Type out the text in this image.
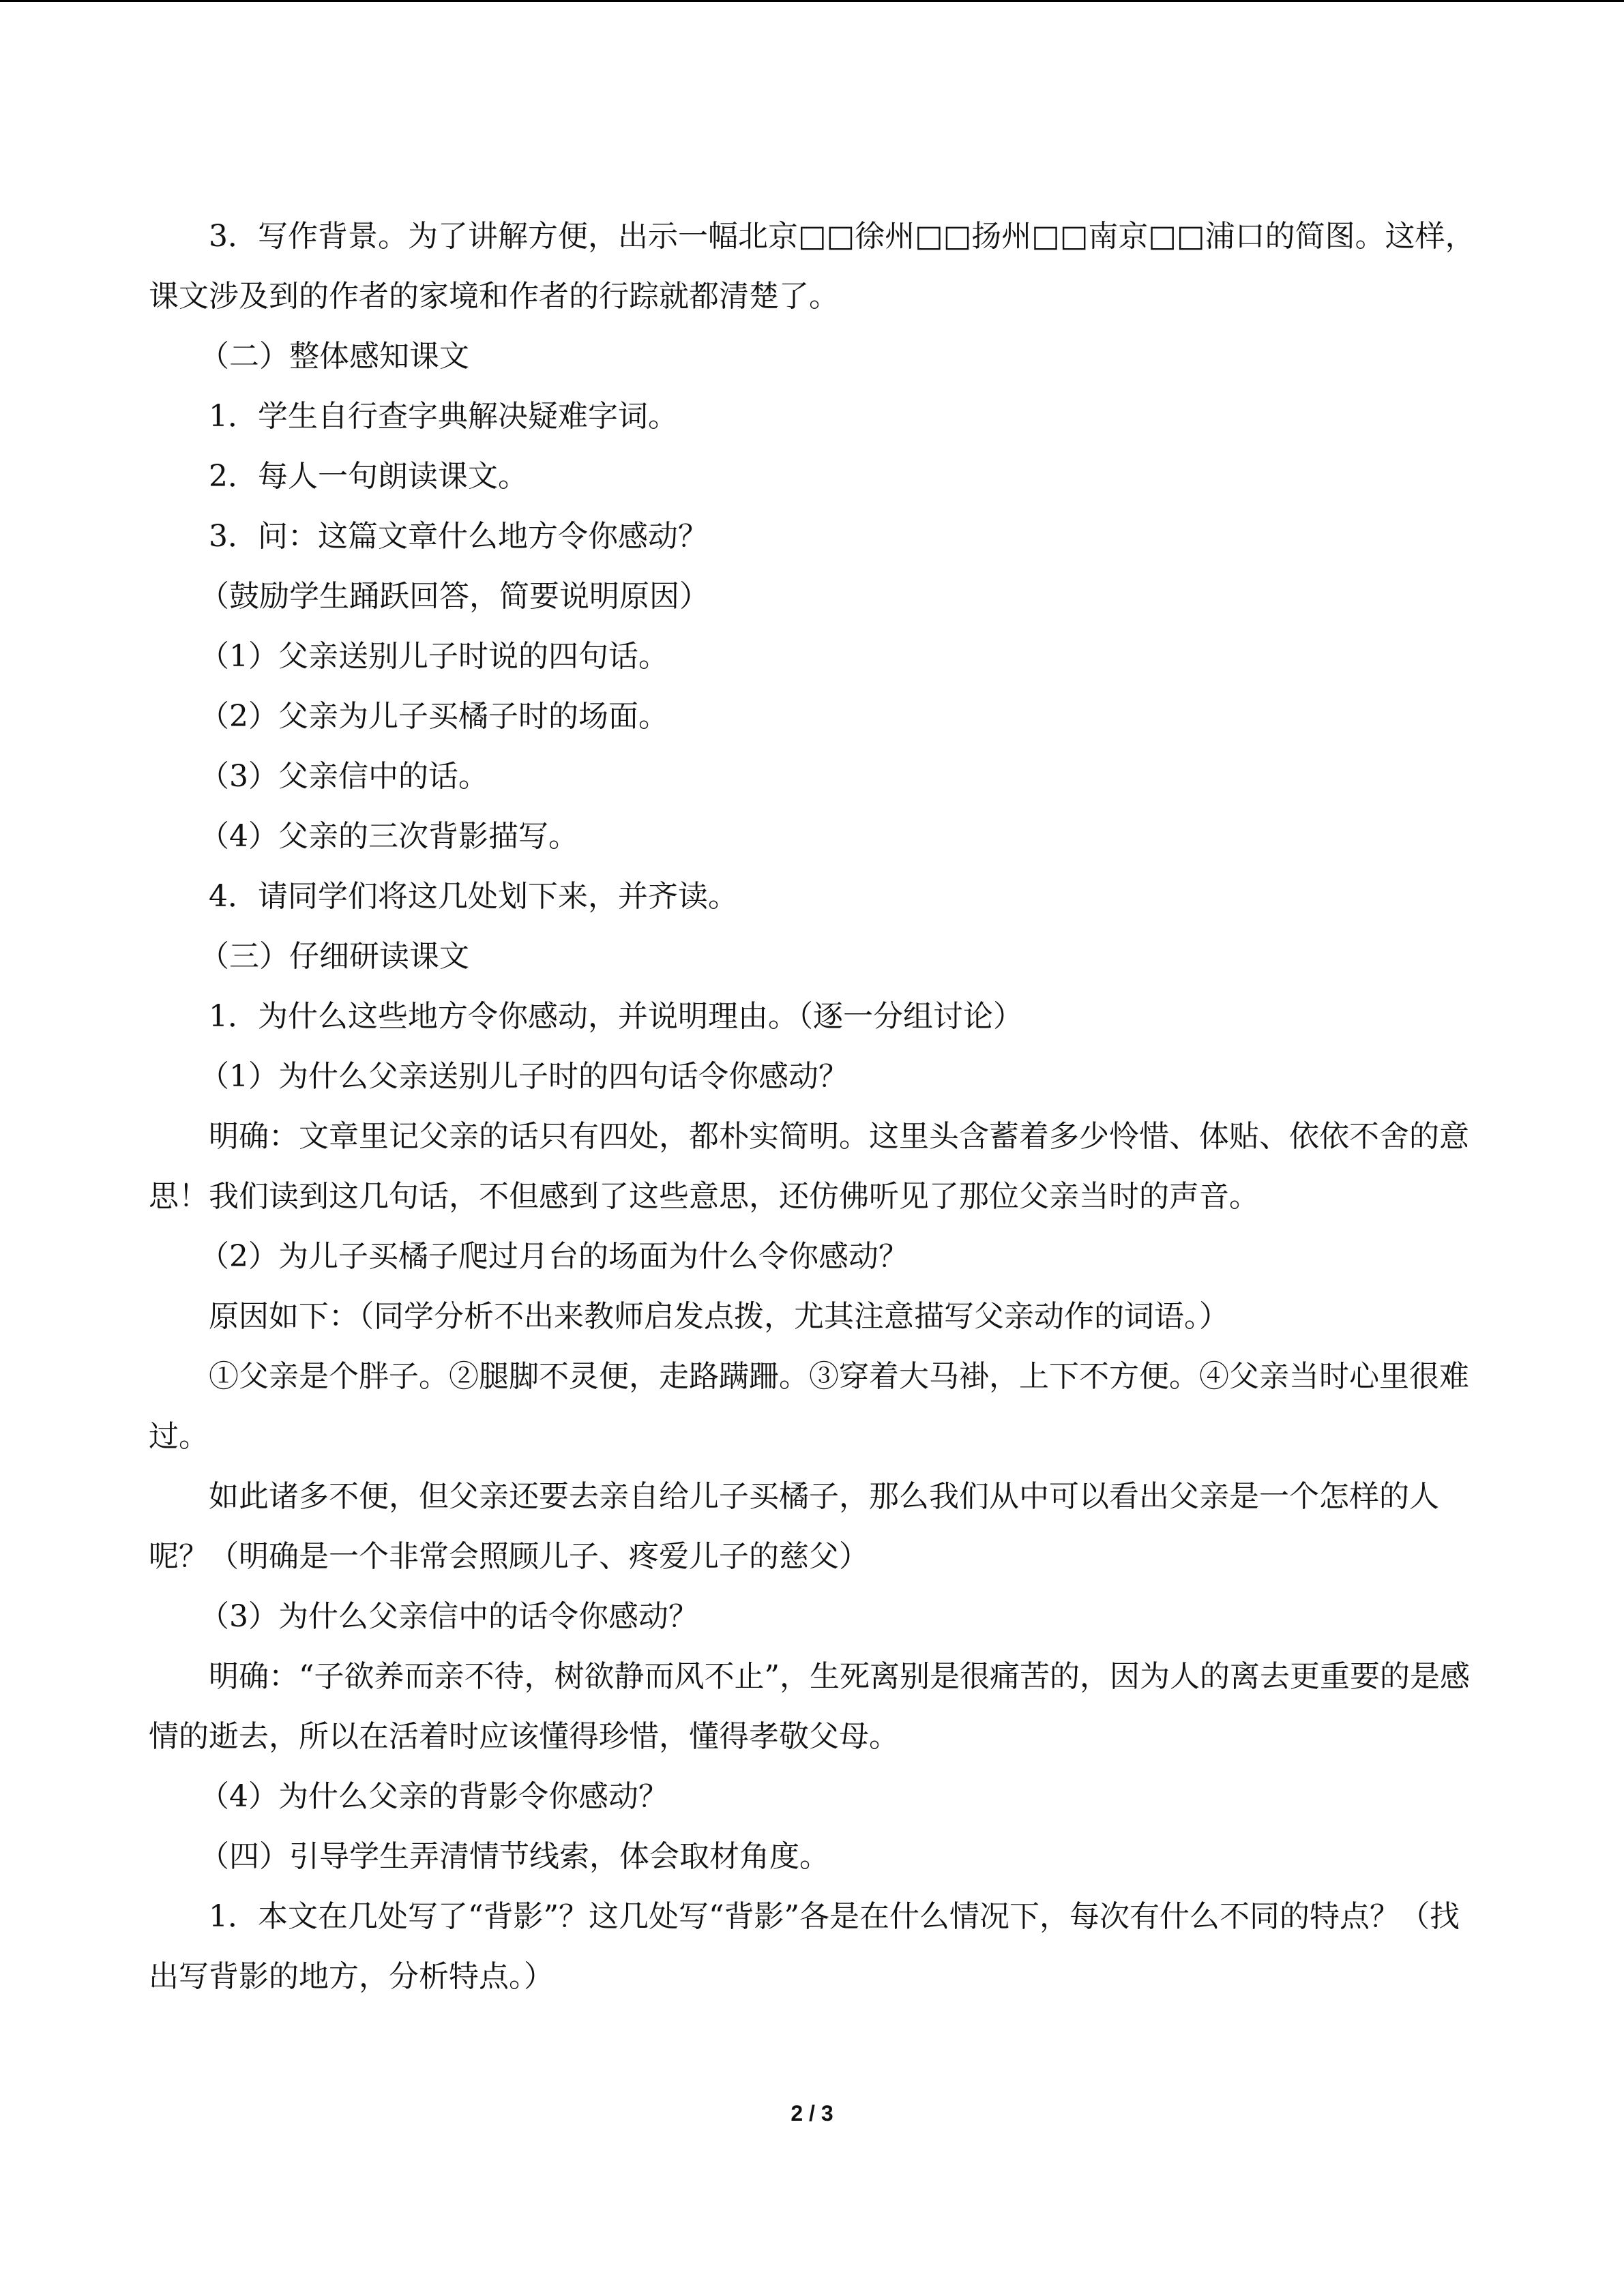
3．写作背景。为了讲解方便，出示一幅北京□□徐州□□扬州□□南京□□浦口的简图。这样，课文涉及到的作者的家境和作者的行踪就都清楚了。

（二）整体感知课文

1．学生自行查字典解决疑难字词。

2．每人一句朗读课文。

3．问：这篇文章什么地方令你感动？

（鼓励学生踊跃回答，简要说明原因）

（1）父亲送别儿子时说的四句话。

（2）父亲为儿子买橘子时的场面。

（3）父亲信中的话。

（4）父亲的三次背影描写。

4．请同学们将这几处划下来，并齐读。

（三）仔细研读课文

1．为什么这些地方令你感动，并说明理由。（逐一分组讨论）

（1）为什么父亲送别儿子时的四句话令你感动？

明确：文章里记父亲的话只有四处，都朴实简明。这里头含蓄着多少怜惜、体贴、依依不舍的意思！我们读到这几句话，不但感到了这些意思，还仿佛听见了那位父亲当时的声音。

（2）为儿子买橘子爬过月台的场面为什么令你感动？

原因如下：（同学分析不出来教师启发点拨，尤其注意描写父亲动作的词语。）

①父亲是个胖子。②腿脚不灵便，走路蹒跚。③穿着大马褂，上下不方便。④父亲当时心里很难过。

如此诸多不便，但父亲还要去亲自给儿子买橘子，那么我们从中可以看出父亲是一个怎样的人呢？（明确是一个非常会照顾儿子、疼爱儿子的慈父）

（3）为什么父亲信中的话令你感动？

明确：“子欲养而亲不待，树欲静而风不止”，生死离别是很痛苦的，因为人的离去更重要的是感情的逝去，所以在活着时应该懂得珍惜，懂得孝敬父母。

（4）为什么父亲的背影令你感动？

（四）引导学生弄清情节线索，体会取材角度。

1．本文在几处写了“背影”？这几处写“背影”各是在什么情况下，每次有什么不同的特点？（找出写背影的地方，分析特点。）

2 / 3
